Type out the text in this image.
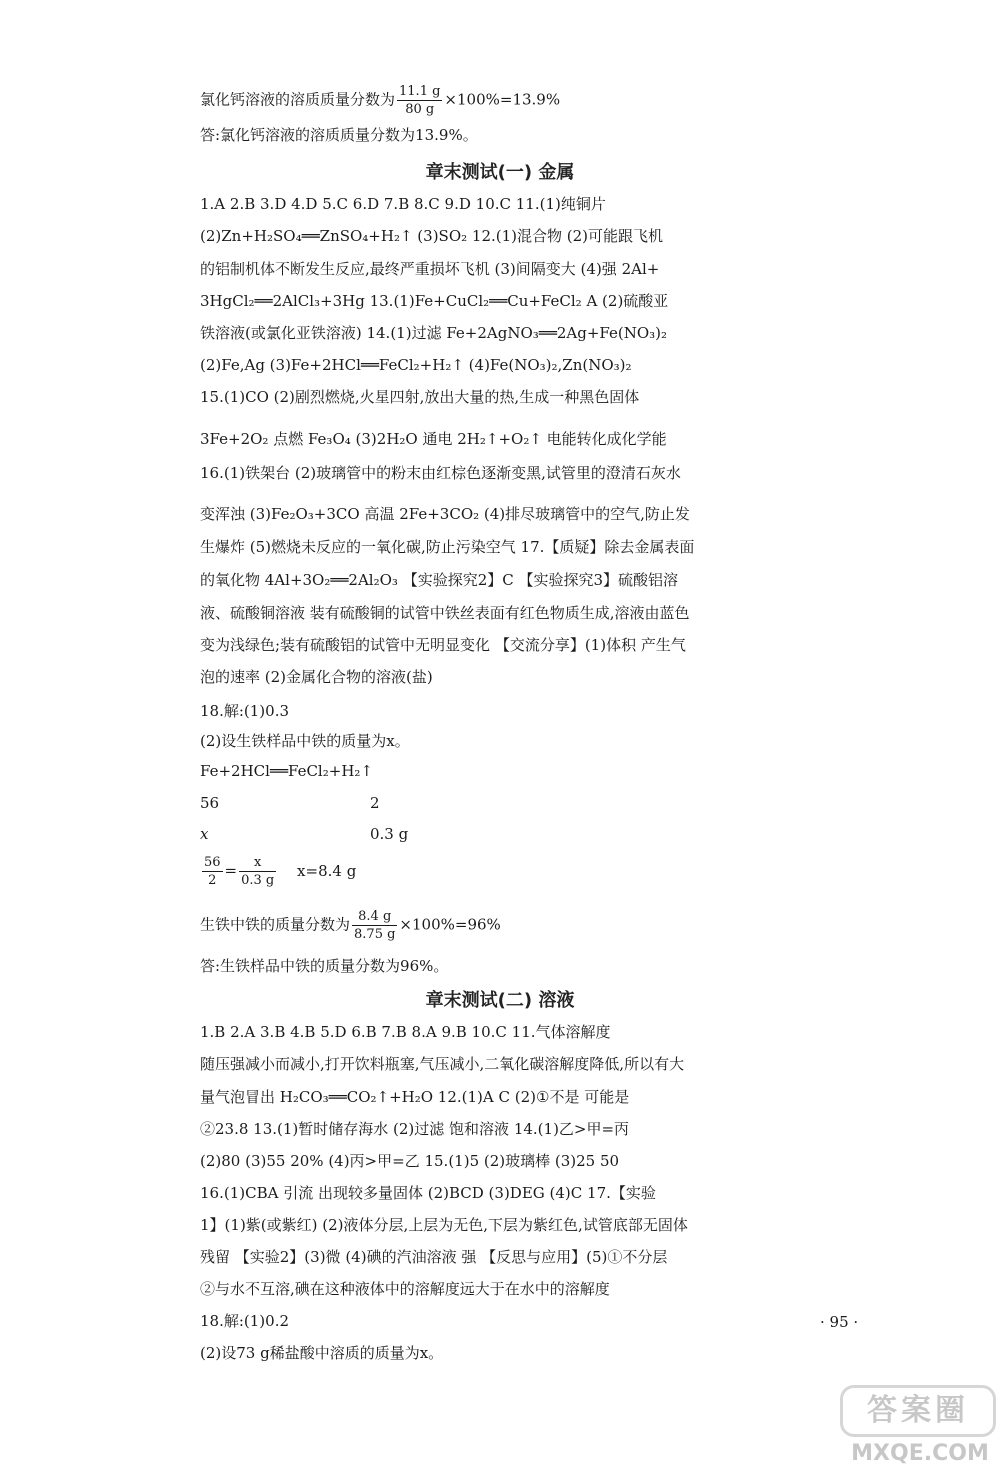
氯化钙溶液的溶质质量分数为 $\frac{11.1 g}{80 g} \times 100\%=13.9\%$
答:氯化钙溶液的溶质质量分数为13.9%。
章末测试(一) 金属
1.A 2.B 3.D 4.D 5.C 6.D 7.B 8.C 9.D 10.C 11.(1)纯铜片
(2)Zn+H₂SO₄══ZnSO₄+H₂↑ (3)SO₂ 12.(1)混合物 (2)可能跟飞机
的铝制机体不断发生反应,最终严重损坏飞机 (3)间隔变大 (4)强 2Al+
3HgCl₂══2AlCl₃+3Hg 13.(1)Fe+CuCl₂══Cu+FeCl₂ A (2)硫酸亚
铁溶液(或氯化亚铁溶液) 14.(1)过滤 Fe+2AgNO₃══2Ag+Fe(NO₃)₂
(2)Fe,Ag (3)Fe+2HCl══FeCl₂+H₂↑ (4)Fe(NO₃)₂,Zn(NO₃)₂
15.(1)CO (2)剧烈燃烧,火星四射,放出大量的热,生成一种黑色固体
3Fe+2O₂ 点燃 Fe₃O₄ (3)2H₂O 通电 2H₂↑+O₂↑ 电能转化成化学能
16.(1)铁架台 (2)玻璃管中的粉末由红棕色逐渐变黑,试管里的澄清石灰水
变浑浊 (3)Fe₂O₃+3CO 高温 2Fe+3CO₂ (4)排尽玻璃管中的空气,防止发
生爆炸 (5)燃烧未反应的一氧化碳,防止污染空气 17.【质疑】除去金属表面
的氧化物 4Al+3O₂══2Al₂O₃ 【实验探究2】C 【实验探究3】硫酸铝溶
液、硫酸铜溶液 装有硫酸铜的试管中铁丝表面有红色物质生成,溶液由蓝色
变为浅绿色;装有硫酸铝的试管中无明显变化 【交流分享】(1)体积 产生气
泡的速率 (2)金属化合物的溶液(盐)
18.解:(1)0.3
(2)设生铁样品中铁的质量为x。
Fe+2HCl══FeCl₂+H₂↑
56	2
x	0.3 g
$\frac{56}{2} = \frac{x}{0.3 g} x=8.4$ g
生铁中铁的质量分数为 $\frac{8.4 g}{8.75 g} \times 100\%=96\%$
答:生铁样品中铁的质量分数为96%。
章末测试(二) 溶液
1.B 2.A 3.B 4.B 5.D 6.B 7.B 8.A 9.B 10.C 11.气体溶解度
随压强减小而减小,打开饮料瓶塞,气压减小,二氧化碳溶解度降低,所以有大
量气泡冒出 H₂CO₃══CO₂↑+H₂O 12.(1)A C (2)①不是 可能是
②23.8 13.(1)暂时储存海水 (2)过滤 饱和溶液 14.(1)乙>甲=丙
(2)80 (3)55 20% (4)丙>甲=乙 15.(1)5 (2)玻璃棒 (3)25 50
16.(1)CBA 引流 出现较多量固体 (2)BCD (3)DEG (4)C 17.【实验
1】(1)紫(或紫红) (2)液体分层,上层为无色,下层为紫红色,试管底部无固体
残留 【实验2】(3)微 (4)碘的汽油溶液 强 【反思与应用】(5)①不分层
②与水不互溶,碘在这种液体中的溶解度远大于在水中的溶解度
18.解:(1)0.2
(2)设73 g稀盐酸中溶质的质量为x。
· 95 ·
答案圈
MXQE.COM
